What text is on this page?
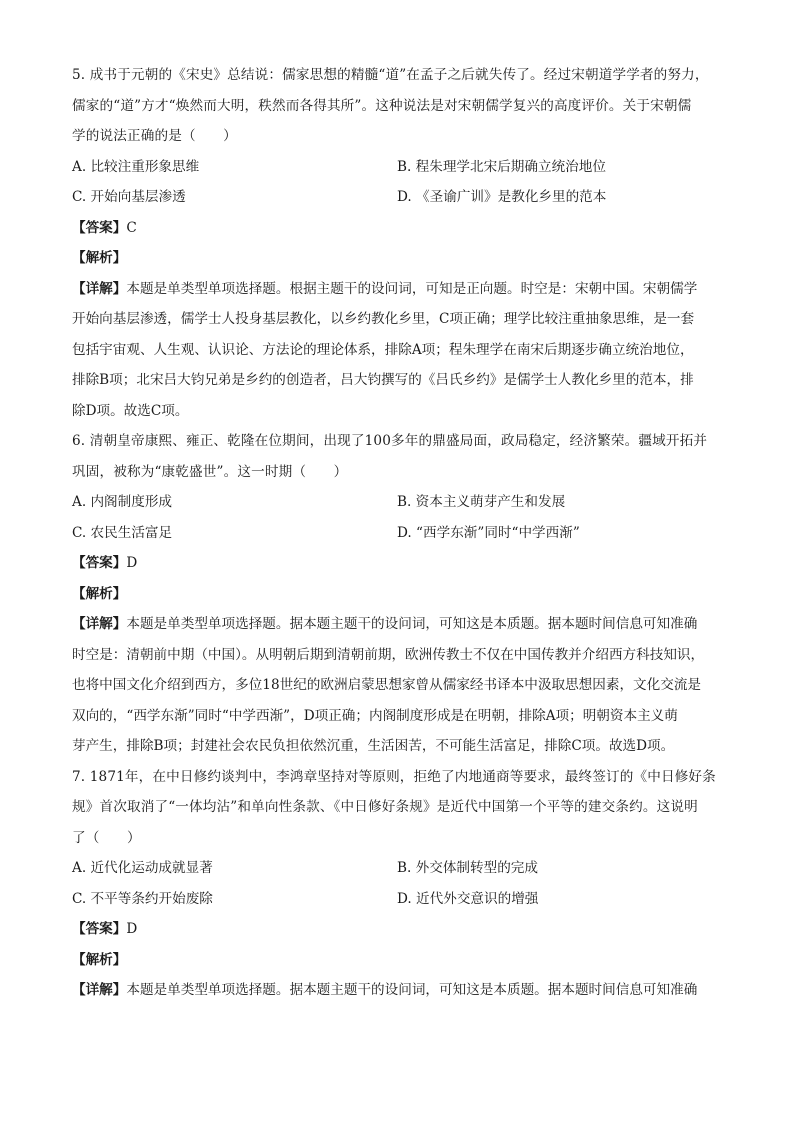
5. 成书于元朝的《宋史》总结说：儒家思想的精髓“道”在孟子之后就失传了。经过宋朝道学学者的努力，
儒家的“道”方才“焕然而大明，秩然而各得其所”。这种说法是对宋朝儒学复兴的高度评价。关于宋朝儒
学的说法正确的是（　　）
A. 比较注重形象思维	B. 程朱理学北宋后期确立统治地位
C. 开始向基层渗透	D. 《圣谕广训》是教化乡里的范本
【答案】C
【解析】
【详解】本题是单类型单项选择题。根据主题干的设问词，可知是正向题。时空是：宋朝中国。宋朝儒学
开始向基层渗透，儒学士人投身基层教化，以乡约教化乡里，C项正确；理学比较注重抽象思维，是一套
包括宇宙观、人生观、认识论、方法论的理论体系，排除A项；程朱理学在南宋后期逐步确立统治地位，
排除B项；北宋吕大钧兄弟是乡约的创造者，吕大钧撰写的《吕氏乡约》是儒学士人教化乡里的范本，排
除D项。故选C项。
6. 清朝皇帝康熙、雍正、乾隆在位期间，出现了100多年的鼎盛局面，政局稳定，经济繁荣。疆域开拓并
巩固，被称为“康乾盛世”。这一时期（　　）
A. 内阁制度形成	B. 资本主义萌芽产生和发展
C. 农民生活富足	D. “西学东渐”同时“中学西渐”
【答案】D
【解析】
【详解】本题是单类型单项选择题。据本题主题干的设问词，可知这是本质题。据本题时间信息可知准确
时空是：清朝前中期（中国）。从明朝后期到清朝前期，欧洲传教士不仅在中国传教并介绍西方科技知识，
也将中国文化介绍到西方，多位18世纪的欧洲启蒙思想家曾从儒家经书译本中汲取思想因素，文化交流是
双向的，“西学东渐”同时“中学西渐”，D项正确；内阁制度形成是在明朝，排除A项；明朝资本主义萌
芽产生，排除B项；封建社会农民负担依然沉重，生活困苦，不可能生活富足，排除C项。故选D项。
7. 1871年，在中日修约谈判中，李鸿章坚持对等原则，拒绝了内地通商等要求，最终签订的《中日修好条
规》首次取消了“一体均沾”和单向性条款、《中日修好条规》是近代中国第一个平等的建交条约。这说明
了（　　）
A. 近代化运动成就显著	B. 外交体制转型的完成
C. 不平等条约开始废除	D. 近代外交意识的增强
【答案】D
【解析】
【详解】本题是单类型单项选择题。据本题主题干的设问词，可知这是本质题。据本题时间信息可知准确
